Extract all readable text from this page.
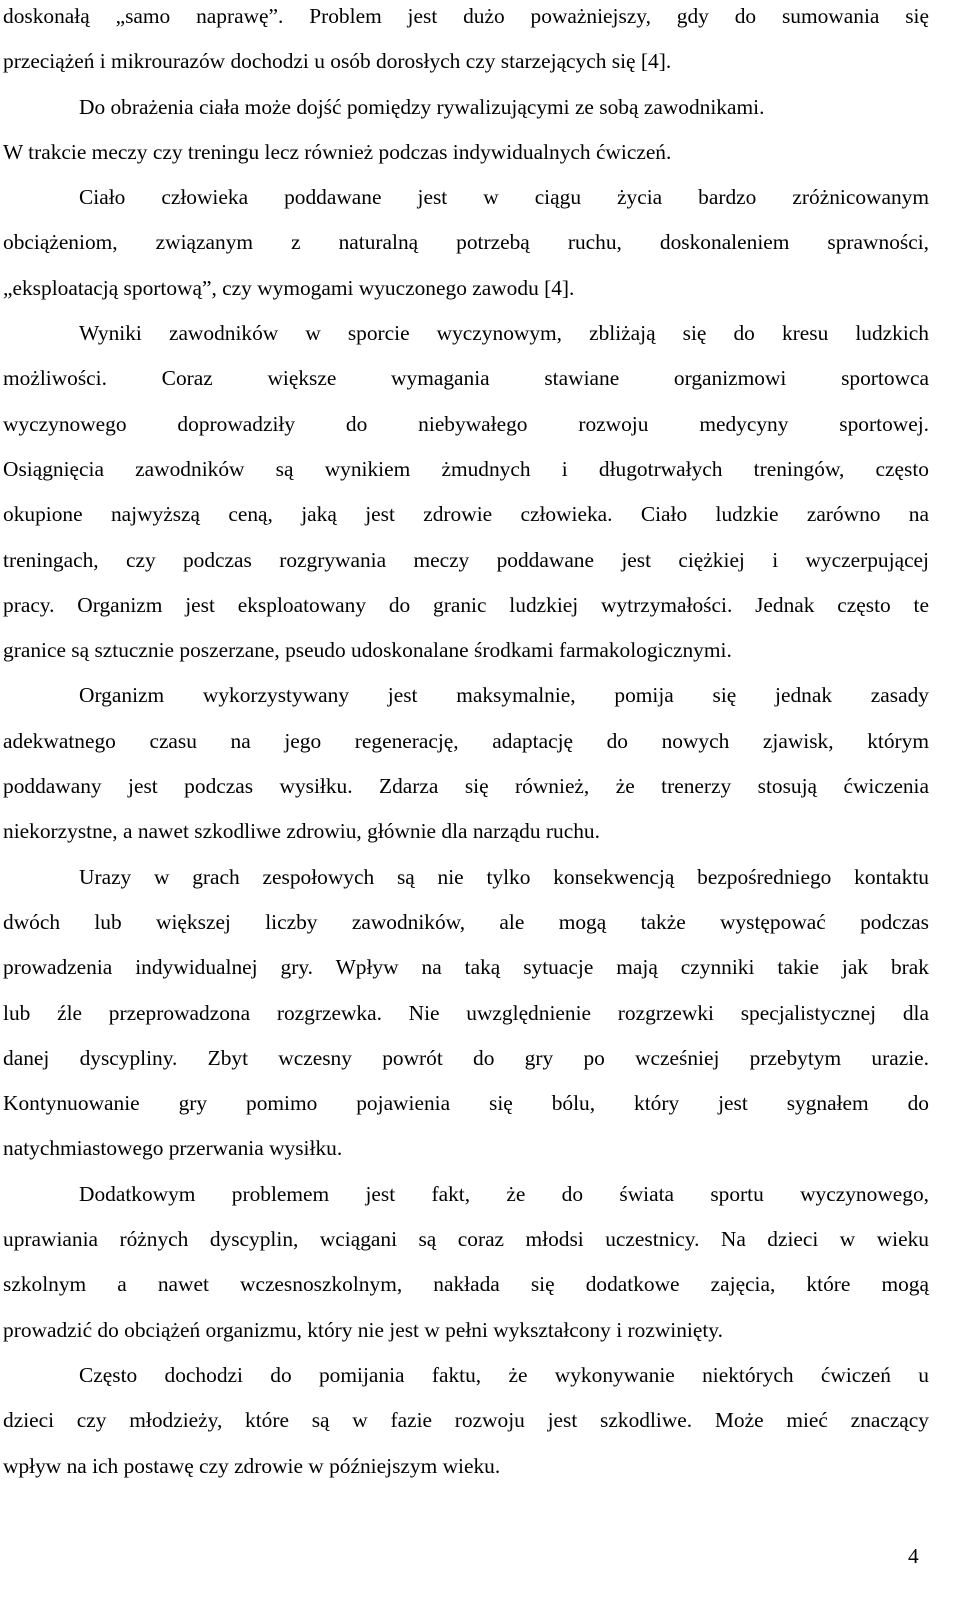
doskonałą „samo naprawę”. Problem jest dużo poważniejszy, gdy do sumowania się
przeciążeń i mikrourazów dochodzi u osób dorosłych czy starzejących się [4].
Do obrażenia ciała może dojść pomiędzy rywalizującymi ze sobą zawodnikami.
W trakcie meczy czy treningu lecz również podczas indywidualnych ćwiczeń.
Ciało człowieka poddawane jest w ciągu życia bardzo zróżnicowanym
obciążeniom, związanym z naturalną potrzebą ruchu, doskonaleniem sprawności,
„eksploatacją sportową”, czy wymogami wyuczonego zawodu [4].
Wyniki zawodników w sporcie wyczynowym, zbliżają się do kresu ludzkich
możliwości. Coraz większe wymagania stawiane organizmowi sportowca
wyczynowego doprowadziły do niebywałego rozwoju medycyny sportowej.
Osiągnięcia zawodników są wynikiem żmudnych i długotrwałych treningów, często
okupione najwyższą ceną, jaką jest zdrowie człowieka. Ciało ludzkie zarówno na
treningach, czy podczas rozgrywania meczy poddawane jest ciężkiej i wyczerpującej
pracy. Organizm jest eksploatowany do granic ludzkiej wytrzymałości. Jednak często te
granice są sztucznie poszerzane, pseudo udoskonalane środkami farmakologicznymi.
Organizm wykorzystywany jest maksymalnie, pomija się jednak zasady
adekwatnego czasu na jego regenerację, adaptację do nowych zjawisk, którym
poddawany jest podczas wysiłku. Zdarza się również, że trenerzy stosują ćwiczenia
niekorzystne, a nawet szkodliwe zdrowiu, głównie dla narządu ruchu.
Urazy w grach zespołowych są nie tylko konsekwencją bezpośredniego kontaktu
dwóch lub większej liczby zawodników, ale mogą także występować podczas
prowadzenia indywidualnej gry. Wpływ na taką sytuacje mają czynniki takie jak brak
lub źle przeprowadzona rozgrzewka. Nie uwzględnienie rozgrzewki specjalistycznej dla
danej dyscypliny. Zbyt wczesny powrót do gry po wcześniej przebytym urazie.
Kontynuowanie gry pomimo pojawienia się bólu, który jest sygnałem do
natychmiastowego przerwania wysiłku.
Dodatkowym problemem jest fakt, że do świata sportu wyczynowego,
uprawiania różnych dyscyplin, wciągani są coraz młodsi uczestnicy. Na dzieci w wieku
szkolnym a nawet wczesnoszkolnym, nakłada się dodatkowe zajęcia, które mogą
prowadzić do obciążeń organizmu, który nie jest w pełni wykształcony i rozwinięty.
Często dochodzi do pomijania faktu, że wykonywanie niektórych ćwiczeń u
dzieci czy młodzieży, które są w fazie rozwoju jest szkodliwe. Może mieć znaczący
wpływ na ich postawę czy zdrowie w późniejszym wieku.
4
